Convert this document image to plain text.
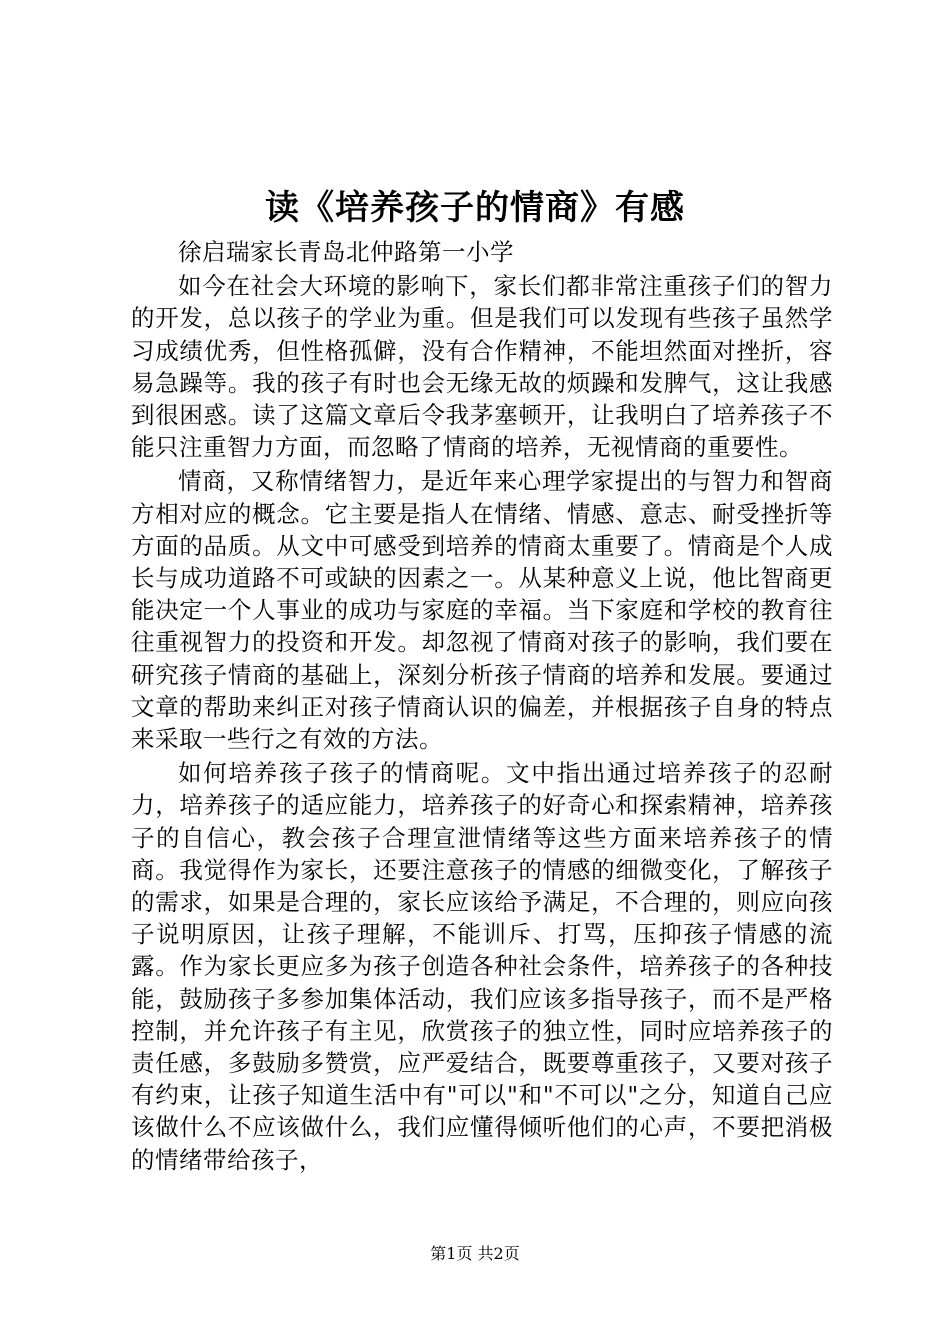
读《培养孩子的情商》有感

徐启瑞家长青岛北仲路第一小学

如今在社会大环境的影响下，家长们都非常注重孩子们的智力的开发，总以孩子的学业为重。但是我们可以发现有些孩子虽然学习成绩优秀，但性格孤僻，没有合作精神，不能坦然面对挫折，容易急躁等。我的孩子有时也会无缘无故的烦躁和发脾气，这让我感到很困惑。读了这篇文章后令我茅塞顿开，让我明白了培养孩子不能只注重智力方面，而忽略了情商的培养，无视情商的重要性。

情商，又称情绪智力，是近年来心理学家提出的与智力和智商方相对应的概念。它主要是指人在情绪、情感、意志、耐受挫折等方面的品质。从文中可感受到培养的情商太重要了。情商是个人成长与成功道路不可或缺的因素之一。从某种意义上说，他比智商更能决定一个人事业的成功与家庭的幸福。当下家庭和学校的教育往往重视智力的投资和开发。却忽视了情商对孩子的影响，我们要在研究孩子情商的基础上，深刻分析孩子情商的培养和发展。要通过文章的帮助来纠正对孩子情商认识的偏差，并根据孩子自身的特点来采取一些行之有效的方法。

如何培养孩子孩子的情商呢。文中指出通过培养孩子的忍耐力，培养孩子的适应能力，培养孩子的好奇心和探索精神，培养孩子的自信心，教会孩子合理宣泄情绪等这些方面来培养孩子的情商。我觉得作为家长，还要注意孩子的情感的细微变化，了解孩子的需求，如果是合理的，家长应该给予满足，不合理的，则应向孩子说明原因，让孩子理解，不能训斥、打骂，压抑孩子情感的流露。作为家长更应多为孩子创造各种社会条件，培养孩子的各种技能，鼓励孩子多参加集体活动，我们应该多指导孩子，而不是严格控制，并允许孩子有主见，欣赏孩子的独立性，同时应培养孩子的责任感，多鼓励多赞赏，应严爱结合，既要尊重孩子，又要对孩子有约束，让孩子知道生活中有"可以"和"不可以"之分，知道自己应该做什么不应该做什么，我们应懂得倾听他们的心声，不要把消极的情绪带给孩子，

第1页 共2页
